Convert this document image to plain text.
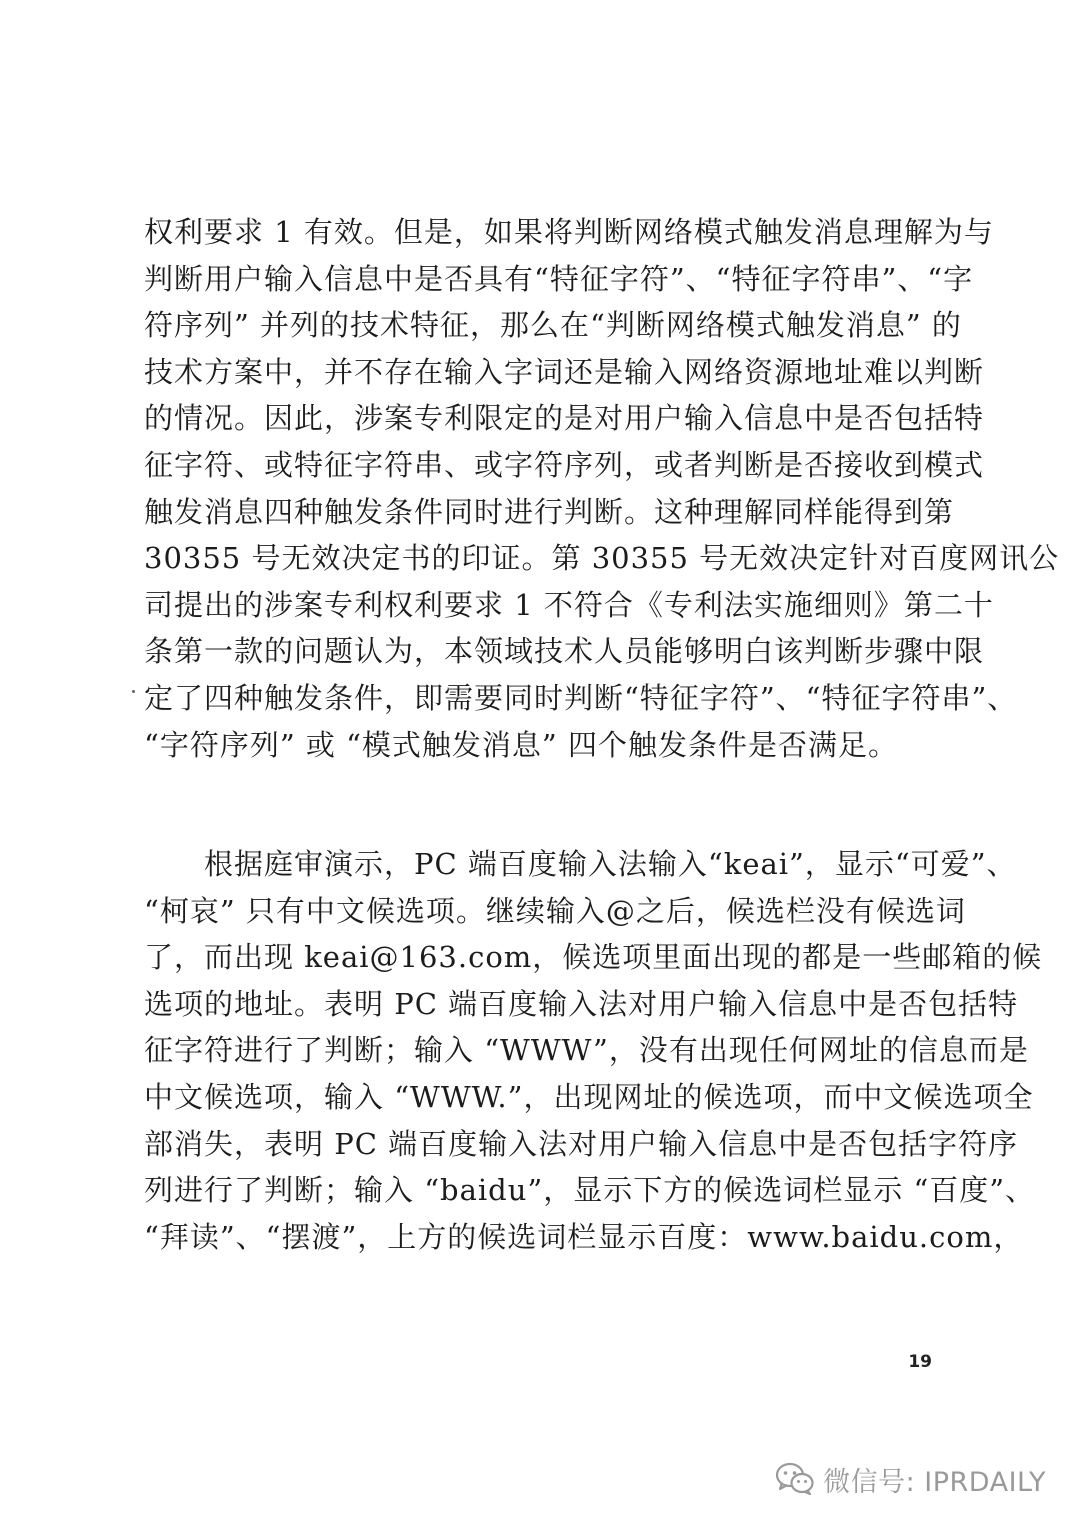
权利要求 1 有效。但是，如果将判断网络模式触发消息理解为与
判断用户输入信息中是否具有“特征字符”、“特征字符串”、“字
符序列” 并列的技术特征，那么在“判断网络模式触发消息” 的
技术方案中，并不存在输入字词还是输入网络资源地址难以判断
的情况。因此，涉案专利限定的是对用户输入信息中是否包括特
征字符、或特征字符串、或字符序列，或者判断是否接收到模式
触发消息四种触发条件同时进行判断。这种理解同样能得到第
30355 号无效决定书的印证。第 30355 号无效决定针对百度网讯公
司提出的涉案专利权利要求 1 不符合《专利法实施细则》第二十
条第一款的问题认为，本领域技术人员能够明白该判断步骤中限
定了四种触发条件，即需要同时判断“特征字符”、“特征字符串”、
“字符序列” 或 “模式触发消息” 四个触发条件是否满足。
　　根据庭审演示，PC 端百度输入法输入“keai”，显示“可爱”、
“柯哀” 只有中文候选项。继续输入@之后，候选栏没有候选词
了，而出现 keai@163.com，候选项里面出现的都是一些邮箱的候
选项的地址。表明 PC 端百度输入法对用户输入信息中是否包括特
征字符进行了判断；输入 “WWW”，没有出现任何网址的信息而是
中文候选项，输入 “WWW.”，出现网址的候选项，而中文候选项全
部消失，表明 PC 端百度输入法对用户输入信息中是否包括字符序
列进行了判断；输入 “baidu”，显示下方的候选词栏显示 “百度”、
“拜读”、“摆渡”，上方的候选词栏显示百度：www.baidu.com，
19
微信号: IPRDAILY
